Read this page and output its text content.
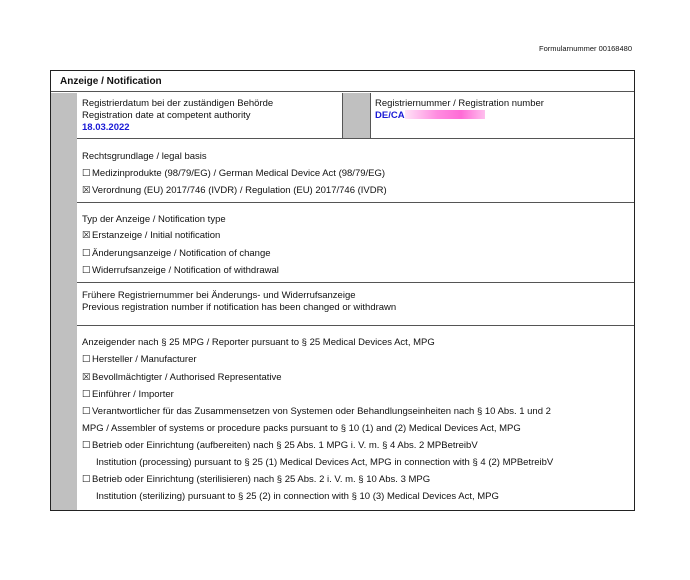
Formularnummer 00168480
Anzeige / Notification
Registrierdatum bei der zuständigen Behörde
Registration date at competent authority
18.03.2022
Registriernummer / Registration number
DE/CA
Rechtsgrundlage / legal basis
☐Medizinprodukte (98/79/EG) / German Medical Device Act (98/79/EG)
☒Verordnung (EU) 2017/746 (IVDR) / Regulation (EU) 2017/746 (IVDR)
Typ der Anzeige / Notification type
☒Erstanzeige / Initial notification
☐Änderungsanzeige / Notification of change
☐Widerrufsanzeige / Notification of withdrawal
Frühere Registriernummer bei Änderungs- und Widerrufsanzeige
Previous registration number if notification has been changed or withdrawn
Anzeigender nach § 25 MPG / Reporter pursuant to § 25 Medical Devices Act, MPG
☐Hersteller / Manufacturer
☒Bevollmächtigter / Authorised Representative
☐Einführer / Importer
☐Verantwortlicher für das Zusammensetzen von Systemen oder Behandlungseinheiten nach § 10 Abs. 1 und 2
MPG / Assembler of systems or procedure packs pursuant to § 10 (1) and (2) Medical Devices Act, MPG
☐Betrieb oder Einrichtung (aufbereiten) nach § 25 Abs. 1 MPG i. V. m. § 4 Abs. 2 MPBetreibV
Institution (processing) pursuant to § 25 (1) Medical Devices Act, MPG in connection with § 4 (2) MPBetreibV
☐Betrieb oder Einrichtung (sterilisieren) nach § 25 Abs. 2 i. V. m. § 10 Abs. 3 MPG
Institution (sterilizing) pursuant to § 25 (2) in connection with § 10 (3) Medical Devices Act, MPG
